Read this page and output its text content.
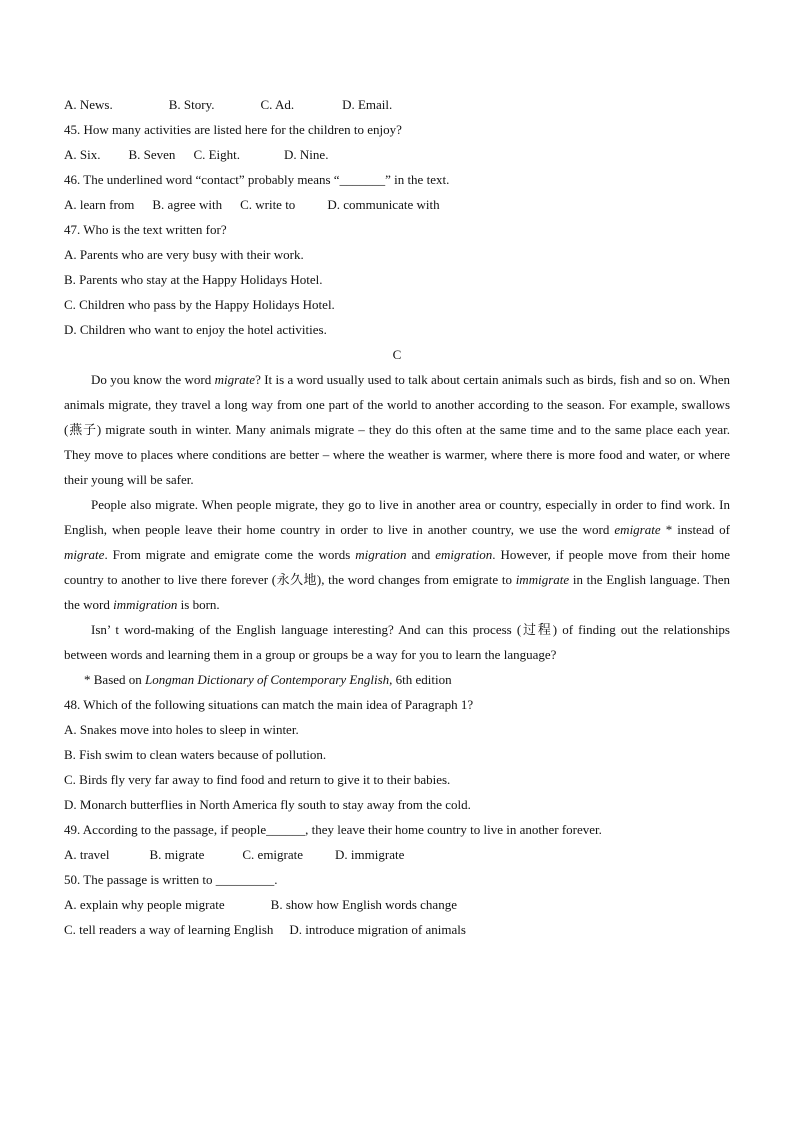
A. News.	B. Story.	C. Ad.	D. Email.
45. How many activities are listed here for the children to enjoy?
A. Six. B. Seven C. Eight.	D. Nine.
46. The underlined word “contact” probably means “_______” in the text.
A. learn from B. agree with C. write to D. communicate with
47. Who is the text written for?
A. Parents who are very busy with their work.
B. Parents who stay at the Happy Holidays Hotel.
C. Children who pass by the Happy Holidays Hotel.
D. Children who want to enjoy the hotel activities.
C
Do you know the word migrate? It is a word usually used to talk about certain animals such as birds, fish and so on. When animals migrate, they travel a long way from one part of the world to another according to the season. For example, swallows (燕子) migrate south in winter. Many animals migrate – they do this often at the same time and to the same place each year. They move to places where conditions are better – where the weather is warmer, where there is more food and water, or where their young will be safer.
People also migrate. When people migrate, they go to live in another area or country, especially in order to find work. In English, when people leave their home country in order to live in another country, we use the word emigrate * instead of migrate. From migrate and emigrate come the words migration and emigration. However, if people move from their home country to another to live there forever (永久地), the word changes from emigrate to immigrate in the English language. Then the word immigration is born.
Isn’ t word-making of the English language interesting? And can this process (过程) of finding out the relationships between words and learning them in a group or groups be a way for you to learn the language?
* Based on Longman Dictionary of Contemporary English, 6th edition
48. Which of the following situations can match the main idea of Paragraph 1?
A. Snakes move into holes to sleep in winter.
B. Fish swim to clean waters because of pollution.
C. Birds fly very far away to find food and return to give it to their babies.
D. Monarch butterflies in North America fly south to stay away from the cold.
49. According to the passage, if people______, they leave their home country to live in another forever.
A. travel	B. migrate	C. emigrate D. immigrate
50. The passage is written to _________.
A. explain why people migrate	B. show how English words change
C. tell readers a way of learning English D. introduce migration of animals
